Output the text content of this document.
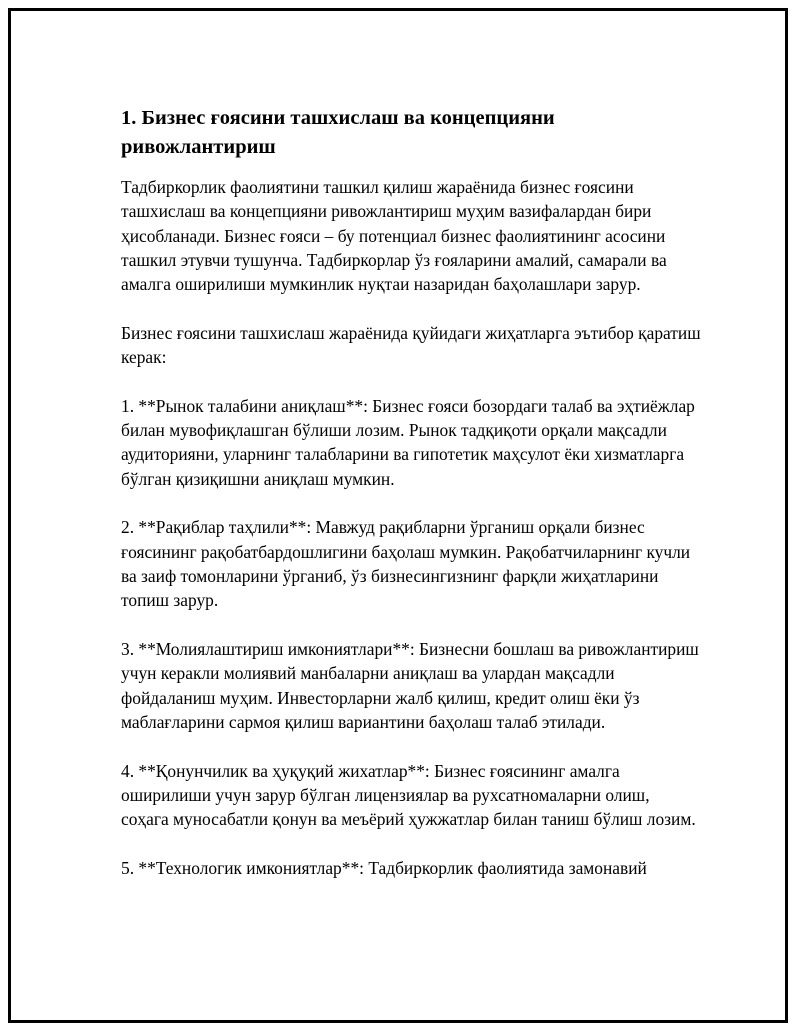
1. Бизнес ғоясини ташхислаш ва концепцияни ривожлантириш

Тадбиркорлик фаолиятини ташкил қилиш жараёнида бизнес ғоясини ташхислаш ва концепцияни ривожлантириш муҳим вазифалардан бири ҳисобланади. Бизнес ғояси – бу потенциал бизнес фаолиятининг асосини ташкил этувчи тушунча. Тадбиркорлар ўз ғояларини амалий, самарали ва амалга оширилиши мумкинлик нуқтаи назаридан баҳолашлари зарур.

Бизнес ғоясини ташхислаш жараёнида қуйидаги жиҳатларга эътибор қаратиш керак:

1. **Рынок талабини аниқлаш**: Бизнес ғояси бозордаги талаб ва эҳтиёжлар билан мувофиқлашган бўлиши лозим. Рынок тадқиқоти орқали мақсадли аудиторияни, уларнинг талабларини ва гипотетик маҳсулот ёки хизматларга бўлган қизиқишни аниқлаш мумкин.

2. **Рақиблар таҳлили**: Мавжуд рақибларни ўрганиш орқали бизнес ғоясининг рақобатбардошлигини баҳолаш мумкин. Рақобатчиларнинг кучли ва заиф томонларини ўрганиб, ўз бизнесингизнинг фарқли жиҳатларини топиш зарур.

3. **Молиялаштириш имкониятлари**: Бизнесни бошлаш ва ривожлантириш учун керакли молиявий манбаларни аниқлаш ва улардан мақсадли фойдаланиш муҳим. Инвесторларни жалб қилиш, кредит олиш ёки ўз маблағларини сармоя қилиш вариантини баҳолаш талаб этилади.

4. **Қонунчилик ва ҳуқуқий жихатлар**: Бизнес ғоясининг амалга оширилиши учун зарур бўлган лицензиялар ва рухсатномаларни олиш, соҳага муносабатли қонун ва меъёрий ҳужжатлар билан таниш бўлиш лозим.

5. **Технологик имкониятлар**: Тадбиркорлик фаолиятида замонавий
